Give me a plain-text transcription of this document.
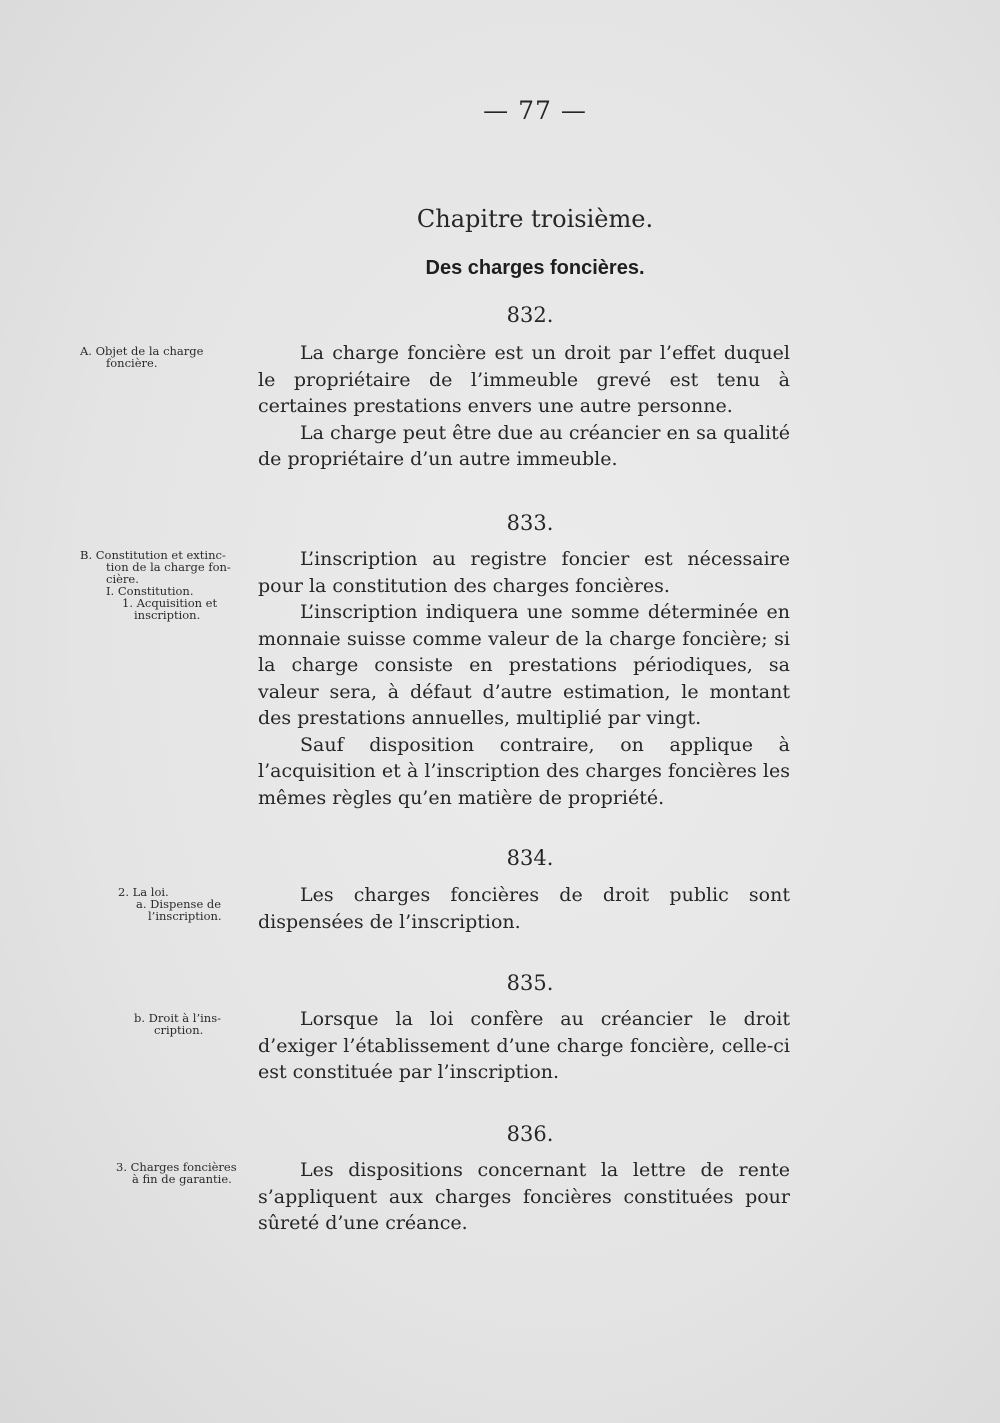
— 77 —
Chapitre troisième.
Des charges foncières.
832.

La charge foncière est un droit par l’effet duquel le propriétaire de l’immeuble grevé est tenu à certaines prestations envers une autre personne.

La charge peut être due au créancier en sa qualité de propriétaire d’un autre immeuble.

A. Objet de la charge
foncière.
833.

L’inscription au registre foncier est nécessaire pour la constitution des charges foncières.

L’inscription indiquera une somme déterminée en monnaie suisse comme valeur de la charge foncière; si la charge consiste en prestations périodiques, sa valeur sera, à défaut d’autre estimation, le montant des prestations annuelles, multiplié par vingt.

Sauf disposition contraire, on applique à l’acquisition et à l’inscription des charges foncières les mêmes règles qu’en matière de propriété.

B. Constitution et extinc-
tion de la charge fon-
cière.
I. Constitution.
1. Acquisition et
inscription.
834.

Les charges foncières de droit public sont dispensées de l’inscription.

2. La loi.
a. Dispense de
l’inscription.
835.

Lorsque la loi confère au créancier le droit d’exiger l’établissement d’une charge foncière, celle-ci est constituée par l’inscription.

b. Droit à l’ins-
cription.
836.

Les dispositions concernant la lettre de rente s’appliquent aux charges foncières constituées pour sûreté d’une créance.

3. Charges foncières
à fin de garantie.
